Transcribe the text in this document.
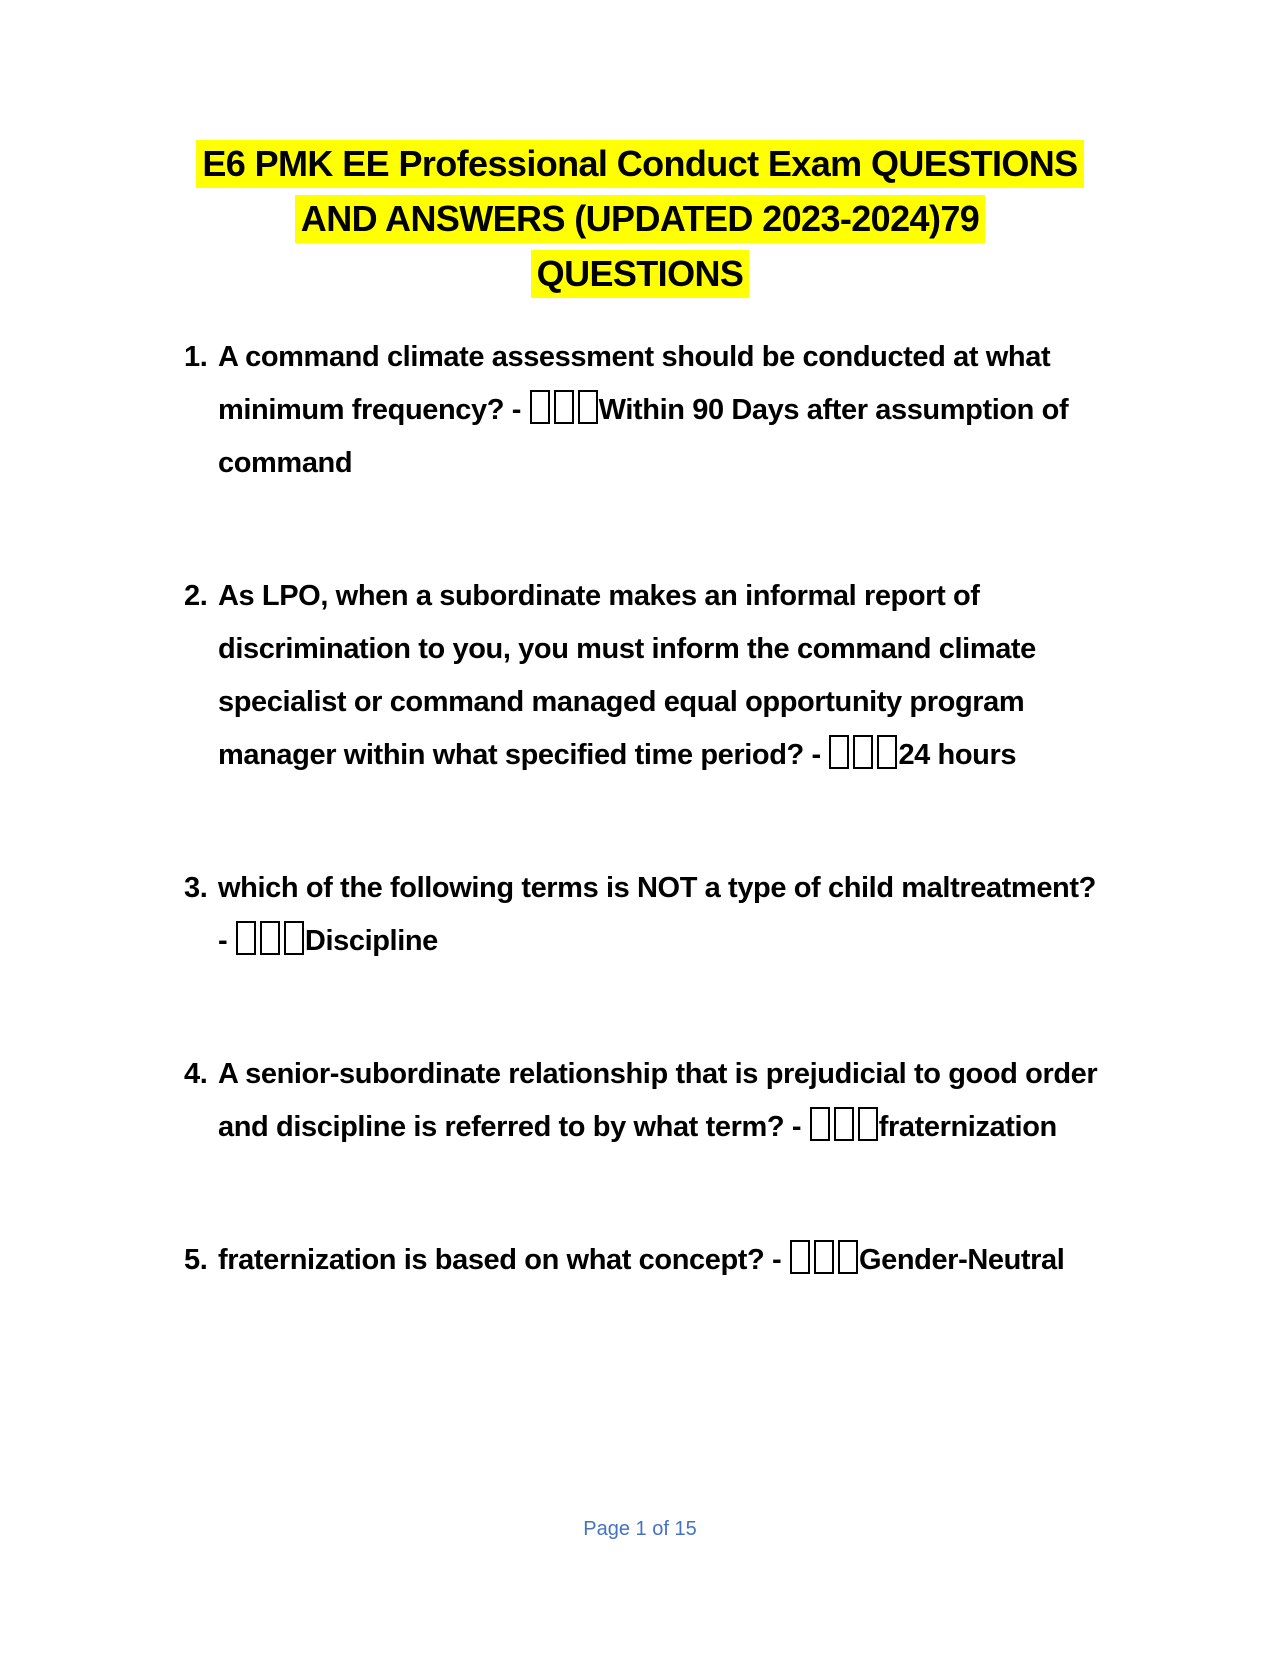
E6 PMK EE Professional Conduct Exam QUESTIONS
AND ANSWERS (UPDATED 2023-2024)79
QUESTIONS
1. A command climate assessment should be conducted at what minimum frequency? - Within 90 Days after assumption of command

2. As LPO, when a subordinate makes an informal report of discrimination to you, you must inform the command climate specialist or command managed equal opportunity program manager within what specified time period? - 24 hours

3. which of the following terms is NOT a type of child maltreatment? - Discipline

4. A senior-subordinate relationship that is prejudicial to good order and discipline is referred to by what term? - fraternization

5. fraternization is based on what concept? - Gender-Neutral

Page 1 of 15
